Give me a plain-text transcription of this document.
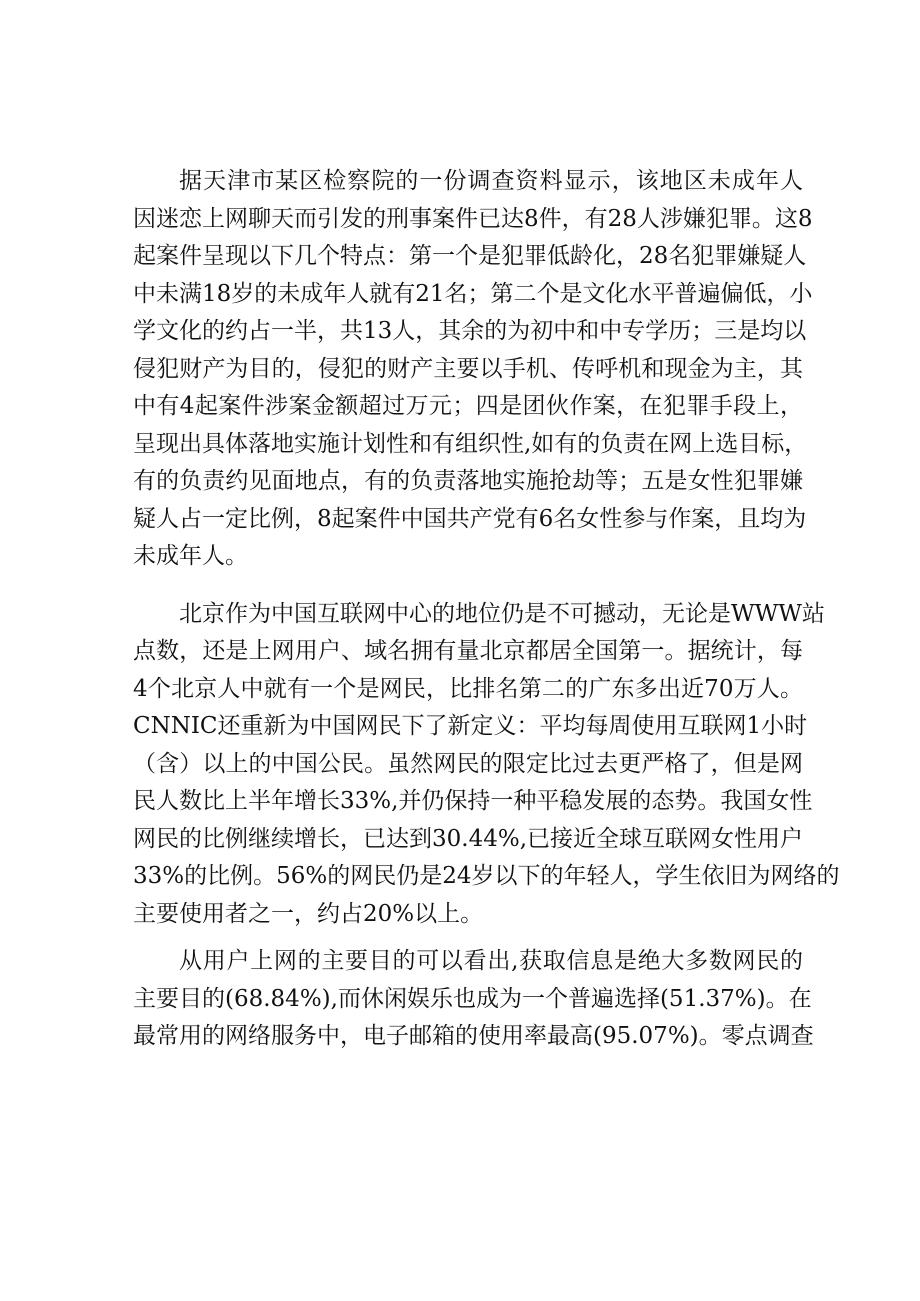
据天津市某区检察院的一份调查资料显示，该地区未成年人

因迷恋上网聊天而引发的刑事案件已达8件，有28人涉嫌犯罪。这8

起案件呈现以下几个特点：第一个是犯罪低龄化，28名犯罪嫌疑人

中未满18岁的未成年人就有21名；第二个是文化水平普遍偏低，小

学文化的约占一半，共13人，其余的为初中和中专学历；三是均以

侵犯财产为目的，侵犯的财产主要以手机、传呼机和现金为主，其

中有4起案件涉案金额超过万元；四是团伙作案，在犯罪手段上，

呈现出具体落地实施计划性和有组织性,如有的负责在网上选目标，

有的负责约见面地点，有的负责落地实施抢劫等；五是女性犯罪嫌

疑人占一定比例，8起案件中国共产党有6名女性参与作案，且均为

未成年人。

北京作为中国互联网中心的地位仍是不可撼动，无论是WWW站

点数，还是上网用户、域名拥有量北京都居全国第一。据统计，每

4个北京人中就有一个是网民，比排名第二的广东多出近70万人。

CNNIC还重新为中国网民下了新定义：平均每周使用互联网1小时

（含）以上的中国公民。虽然网民的限定比过去更严格了，但是网

民人数比上半年增长33%,并仍保持一种平稳发展的态势。我国女性

网民的比例继续增长，已达到30.44%,已接近全球互联网女性用户

33%的比例。56%的网民仍是24岁以下的年轻人，学生依旧为网络的

主要使用者之一，约占20%以上。

从用户上网的主要目的可以看出,获取信息是绝大多数网民的

主要目的(68.84%),而休闲娱乐也成为一个普遍选择(51.37%)。在

最常用的网络服务中，电子邮箱的使用率最高(95.07%)。零点调查
